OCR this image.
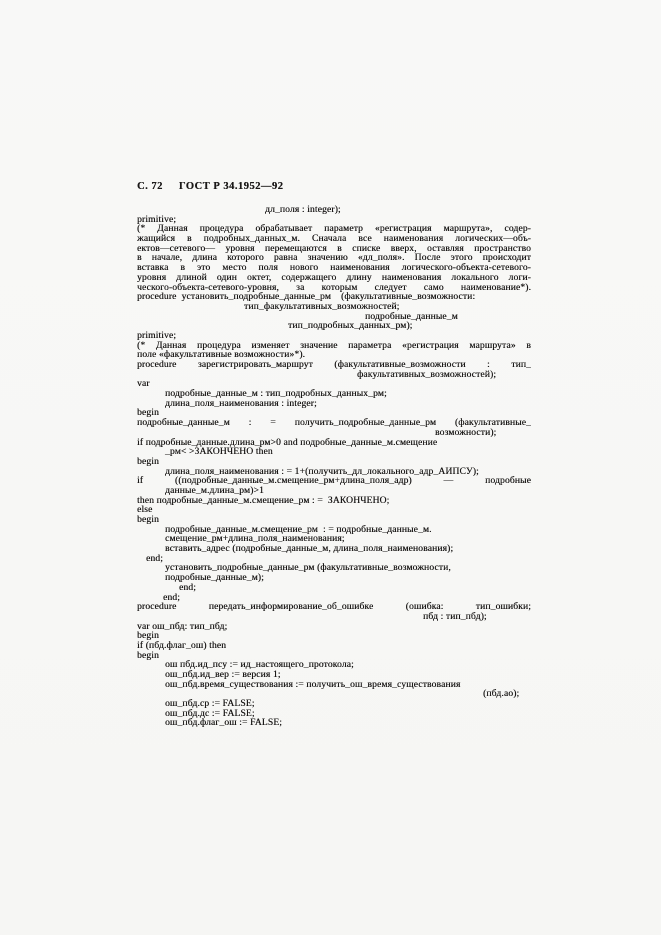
С. 72 ГОСТ Р 34.1952—92
дл_поля : integer);
primitive;
(* Данная процедура обрабатывает параметр «регистрация маршрута», содер-
жащийся в подробных_данных_м. Сначала все наименования логических—объ-
ектов—сетевого— уровня перемещаются в списке вверх, оставляя пространство
в начале, длина которого равна значению «дл_поля». После этого происходит
вставка в это место поля нового наименования логического-объекта-сетевого-
уровня длиной один октет, содержащего длину наименования локального логи-
ческого-объекта-сетевого-уровня, за которым следует само наименование*).
procedure  установить_подробные_данные_рм    (факультативные_возможности:
тип_факультативных_возможностей;
подробные_данные_м
тип_подробных_данных_рм);
primitive;
(* Данная процедура изменяет значение параметра «регистрация маршрута» в
поле «факультативные возможности»*).
procedure зарегистрировать_маршрут (факультативные_возможности : тип_
факультативных_возможностей);
var
подробные_данные_м : тип_подробных_данных_рм;
длина_поля_наименования : integer;
begin
подробные_данные_м : = получить_подробные_данные_рм (факультативные_
возможности);
if подробные_данные.длина_рм>0 and подробные_данные_м.смещение
_рм< >ЗАКОНЧЕНО then
begin
длина_поля_наименования : = 1+(получить_дл_локального_адр_АИПСУ);
if ((подробные_данные_м.смещение_рм+длина_поля_адр) — подробные
данные_м.длина_рм)>1
then подробные_данные_м.смещение_рм : =  ЗАКОНЧЕНО;
else
begin
подробные_данные_м.смещение_рм  : = подробные_данные_м.
смещение_рм+длина_поля_наименования;
вставить_адрес (подробные_данные_м, длина_поля_наименования);
end;
установить_подробные_данные_рм (факультативные_возможности,
подробные_данные_м);
end;
end;
procedure передать_информирование_об_ошибке (ошибка: тип_ошибки;
пбд : тип_пбд);
var ош_пбд: тип_пбд;
begin
if (пбд.флаг_ош) then
begin
ош пбд.ид_псу := ид_настоящего_протокола;
ош_пбд.ид_вер := версия 1;
ош_пбд.время_существования := получить_ош_время_существования
(пбд.ао);
ош_пбд.ср := FALSE;
ош_пбд.дс := FALSE;
ош_пбд.флаг_ош := FALSE;
